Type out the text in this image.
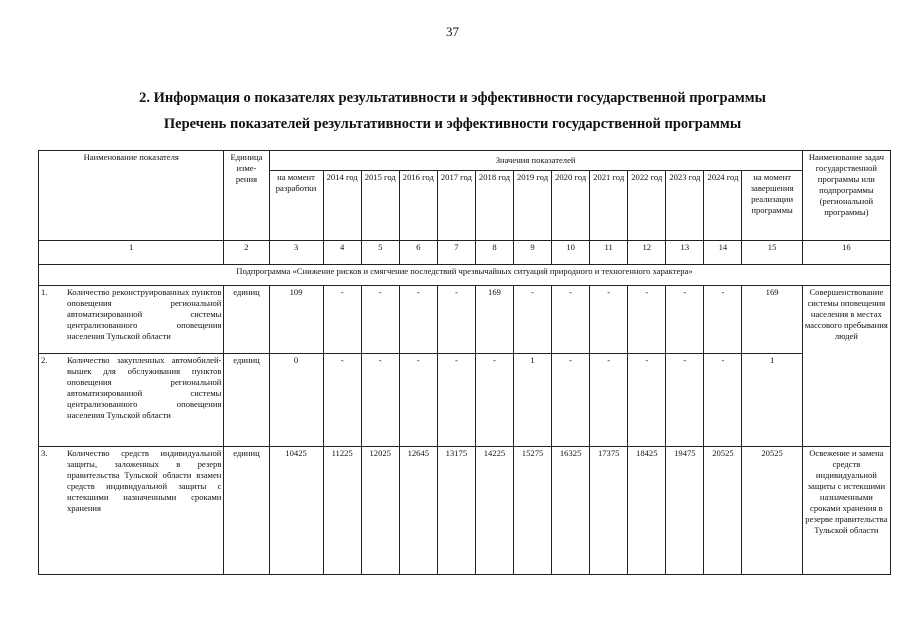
37
2. Информация о показателях результативности и эффективности государственной программы
Перечень показателей результативности и эффективности государственной программы
Наименование показателя	Единица изме-рения	Значения показателей													Наименование задач государственной программы или подпрограммы (региональной программы)
		на момент разработки	2014 год	2015 год	2016 год	2017 год	2018 год	2019 год	2020 год	2021 год	2022 год	2023 год	2024 год	на момент завершения реализации программы	
1	2	3	4	5	6	7	8	9	10	11	12	13	14	15	16
Подпрограмма «Снижение рисков и смягчение последствий чрезвычайных ситуаций природного и техногенного характера»															

1. Количество реконструированных пунктов оповещения региональной автоматизированной системы централизованного оповещения населения Тульской области	единиц	109	-	-	-	-	169	-	-	-	-	-	-	169	Совершенствование системы оповещения населения в местах массового пребывания людей

2. Количество закупленных автомобилей-вышек для обслуживания пунктов оповещения региональной автоматизированной системы централизованного оповещения населения Тульской области	единиц	0	-	-	-	-	-	1	-	-	-	-	-	1	

3. Количество средств индивидуальной защиты, заложенных в резерв правительства Тульской области взамен средств индивидуальной защиты с истекшими назначенными сроками хранения	единиц	10425	11225	12025	12645	13175	14225	15275	16325	17375	18425	19475	20525	20525	Освежение и замена средств индивидуальной защиты с истекшими назначенными сроками хранения в резерве правительства Тульской области
